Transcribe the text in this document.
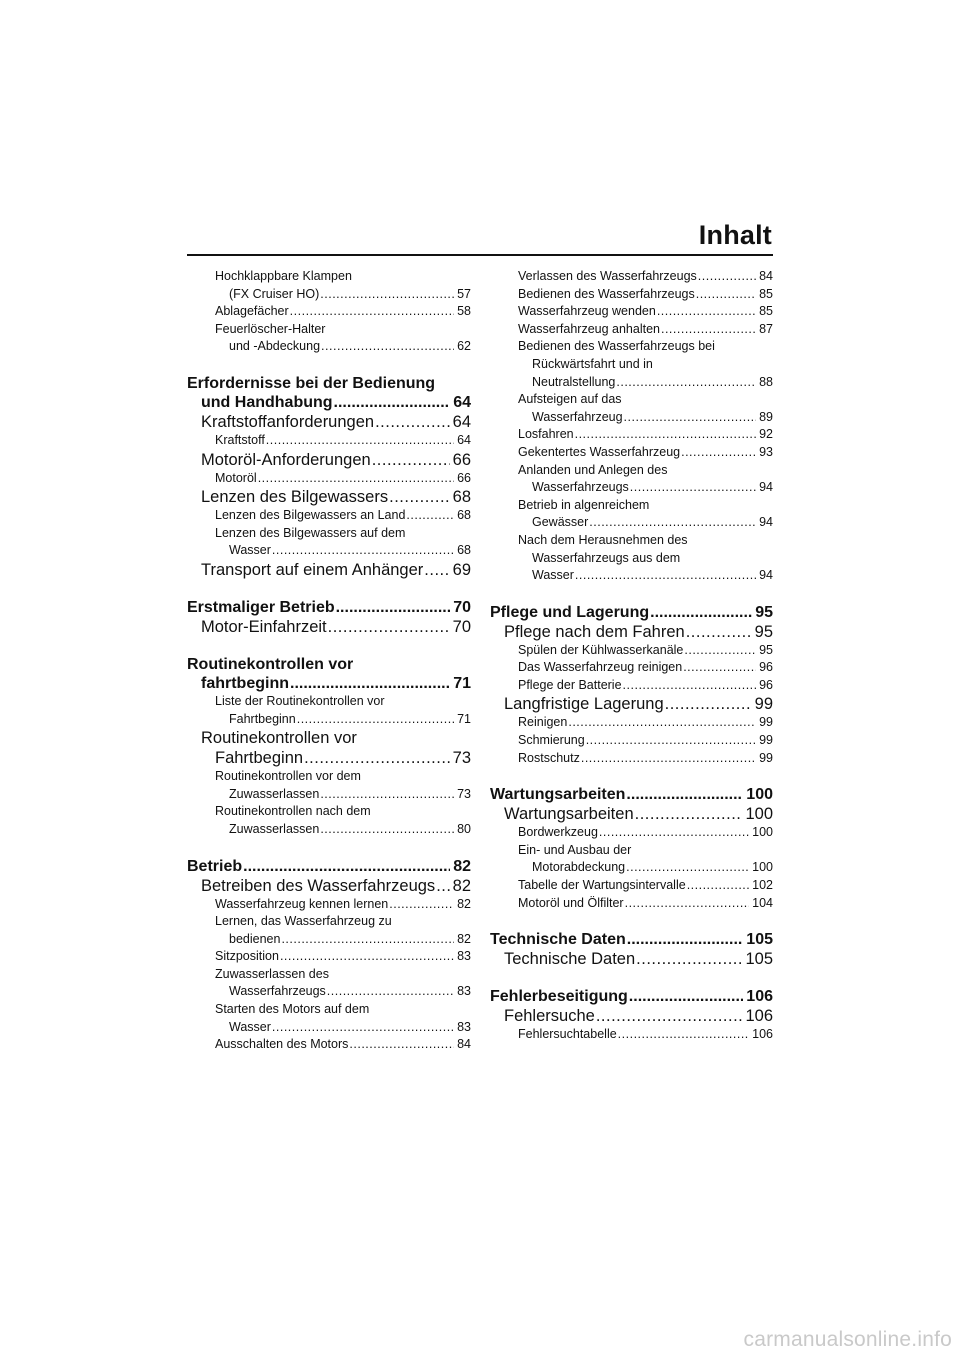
Inhalt
Hochklappbare Klampen
(FX Cruiser HO) .....	57
Ablagefächer .....	58
Feuerlöscher-Halter
und -Abdeckung .....	62
Erfordernisse bei der Bedienung
und Handhabung .....	64
Kraftstoffanforderungen .....	64
Kraftstoff .....	64
Motoröl-Anforderungen .....	66
Motoröl .....	66
Lenzen des Bilgewassers .....	68
Lenzen des Bilgewassers an Land .....	68
Lenzen des Bilgewassers auf dem
Wasser .....	68
Transport auf einem Anhänger ..... 69
Erstmaliger Betrieb .....	70
Motor-Einfahrzeit .....	70
Routinekontrollen vor
fahrtbeginn .....	71
Liste der Routinekontrollen vor
Fahrtbeginn .....	71
Routinekontrollen vor
Fahrtbeginn .....	73
Routinekontrollen vor dem
Zuwasserlassen .....	73
Routinekontrollen nach dem
Zuwasserlassen .....	80
Betrieb .....	82
Betreiben des Wasserfahrzeugs ..... 82
Wasserfahrzeug kennen lernen .....	82
Lernen, das Wasserfahrzeug zu
bedienen .....	82
Sitzposition .....	83
Zuwasserlassen des
Wasserfahrzeugs .....	83
Starten des Motors auf dem
Wasser .....	83
Ausschalten des Motors .....	84
Verlassen des Wasserfahrzeugs .....	84
Bedienen des Wasserfahrzeugs .....	85
Wasserfahrzeug wenden .....	85
Wasserfahrzeug anhalten .....	87
Bedienen des Wasserfahrzeugs bei
Rückwärtsfahrt und in
Neutralstellung .....	88
Aufsteigen auf das
Wasserfahrzeug .....	89
Losfahren .....	92
Gekentertes Wasserfahrzeug .....	93
Anlanden und Anlegen des
Wasserfahrzeugs .....	94
Betrieb in algenreichem
Gewässer .....	94
Nach dem Herausnehmen des
Wasserfahrzeugs aus dem
Wasser .....	94
Pflege und Lagerung .....	95
Pflege nach dem Fahren .....	95
Spülen der Kühlwasserkanäle .....	95
Das Wasserfahrzeug reinigen .....	96
Pflege der Batterie .....	96
Langfristige Lagerung .....	99
Reinigen .....	99
Schmierung .....	99
Rostschutz .....	99
Wartungsarbeiten .....	100
Wartungsarbeiten .....	100
Bordwerkzeug .....	100
Ein- und Ausbau der
Motorabdeckung .....	100
Tabelle der Wartungsintervalle .....	102
Motoröl und Ölfilter .....	104
Technische Daten .....	105
Technische Daten .....	105
Fehlerbeseitigung .....	106
Fehlersuche .....	106
Fehlersuchtabelle .....	106
carmanualsonline.info
